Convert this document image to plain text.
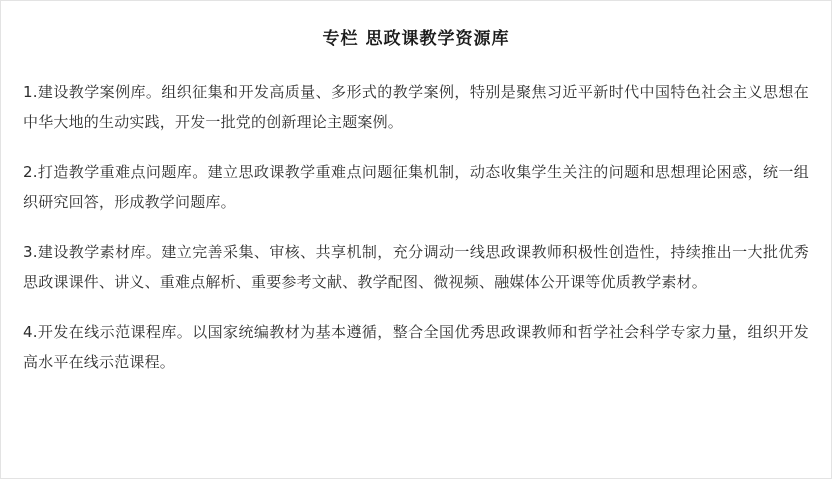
专栏 思政课教学资源库

1.建设教学案例库。组织征集和开发高质量、多形式的教学案例，特别是聚焦习近平新时代中国特色社会主义思想在中华大地的生动实践，开发一批党的创新理论主题案例。

2.打造教学重难点问题库。建立思政课教学重难点问题征集机制，动态收集学生关注的问题和思想理论困惑，统一组织研究回答，形成教学问题库。

3.建设教学素材库。建立完善采集、审核、共享机制，充分调动一线思政课教师积极性创造性，持续推出一大批优秀思政课课件、讲义、重难点解析、重要参考文献、教学配图、微视频、融媒体公开课等优质教学素材。

4.开发在线示范课程库。以国家统编教材为基本遵循，整合全国优秀思政课教师和哲学社会科学专家力量，组织开发高水平在线示范课程。
